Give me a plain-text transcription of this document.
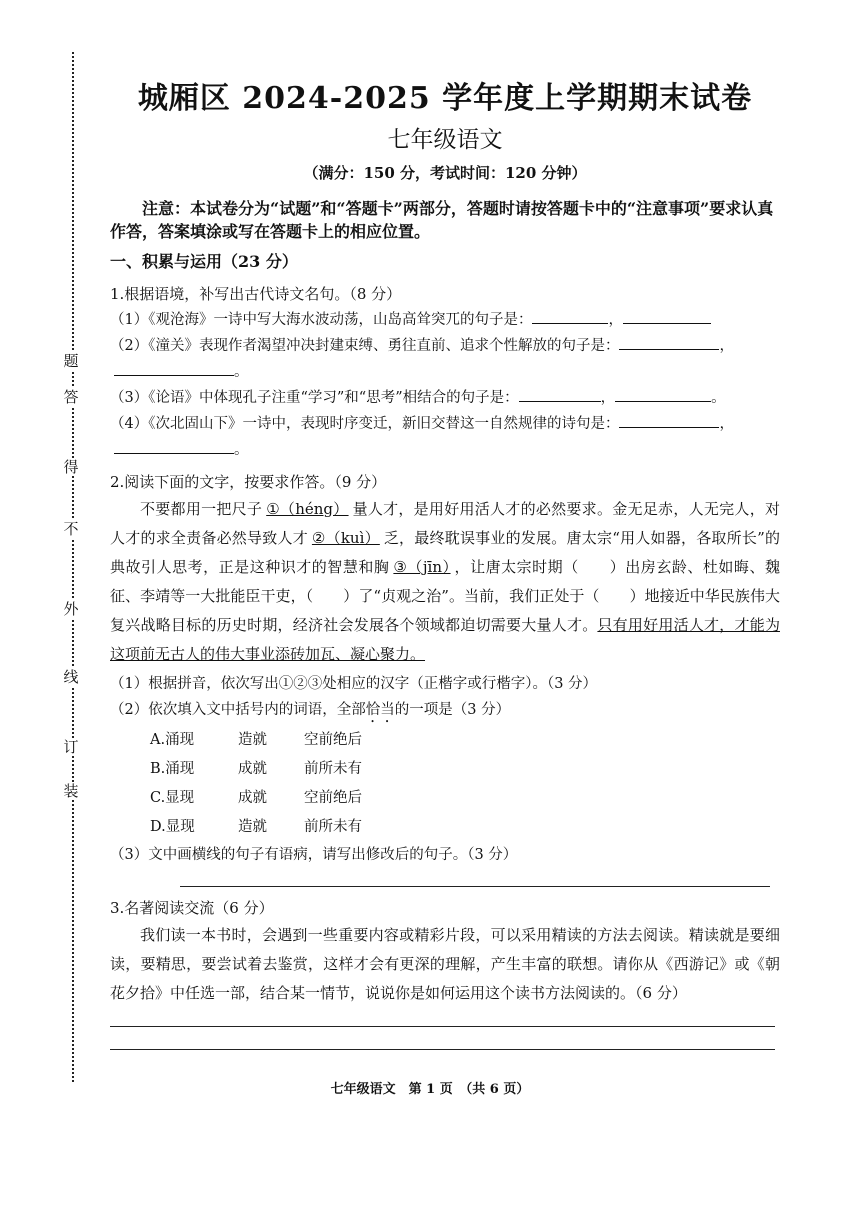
题
答
得
不
外
线
订
装
城厢区 2024-2025 学年度上学期期末试卷
七年级语文
（满分：150 分，考试时间：120 分钟）
注意：本试卷分为“试题”和“答题卡”两部分，答题时请按答题卡中的“注意事项”要求认真作答，答案填涂或写在答题卡上的相应位置。
一、积累与运用（23 分）
1.根据语境，补写出古代诗文名句。（8 分）
（1）《观沧海》一诗中写大海水波动荡，山岛高耸突兀的句子是：	，
（2）《潼关》表现作者渴望冲决封建束缚、勇往直前、追求个性解放的句子是：	，
。
（3）《论语》中体现孔子注重“学习”和“思考”相结合的句子是：	，	。
（4）《次北固山下》一诗中，表现时序变迁，新旧交替这一自然规律的诗句是：	，
。
2.阅读下面的文字，按要求作答。（9 分）
不要都用一把尺子 ①（héng） 量人才，是用好用活人才的必然要求。金无足赤，人无完人，对人才的求全责备必然导致人才 ②（kuì） 乏，最终耽误事业的发展。唐太宗“用人如器，各取所长”的典故引人思考，正是这种识才的智慧和胸 ③（jīn） ，让唐太宗时期（　　）出房玄龄、杜如晦、魏征、李靖等一大批能臣干吏，（　　）了“贞观之治”。当前，我们正处于（　　）地接近中华民族伟大复兴战略目标的历史时期，经济社会发展各个领域都迫切需要大量人才。只有用好用活人才，才能为这项前无古人的伟大事业添砖加瓦、凝心聚力。
（1）根据拼音，依次写出①②③处相应的汉字（正楷字或行楷字）。（3 分）
（2）依次填入文中括号内的词语，全部恰当的一项是（3 分）
A.涌现	造就	空前绝后
B.涌现	成就	前所未有
C.显现	成就	空前绝后
D.显现	造就	前所未有
（3）文中画横线的句子有语病，请写出修改后的句子。（3 分）
3.名著阅读交流（6 分）
我们读一本书时，会遇到一些重要内容或精彩片段，可以采用精读的方法去阅读。精读就是要细读，要精思，要尝试着去鉴赏，这样才会有更深的理解，产生丰富的联想。请你从《西游记》或《朝花夕拾》中任选一部，结合某一情节，说说你是如何运用这个读书方法阅读的。（6 分）
七年级语文　第 1 页　（共 6 页）
